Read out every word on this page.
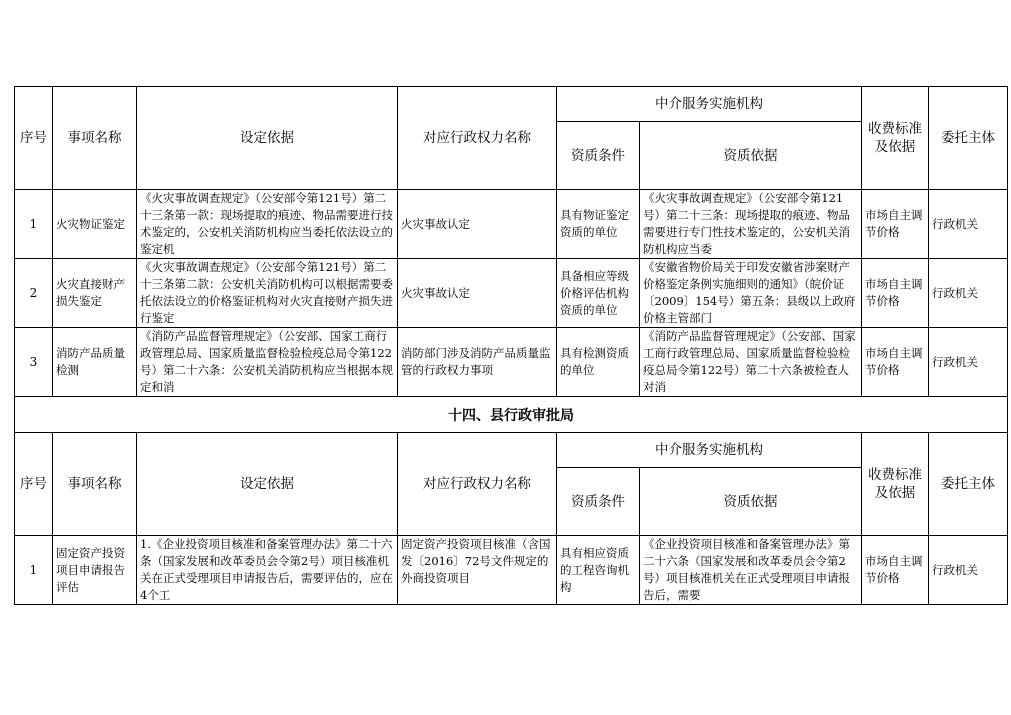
序号	事项名称	设定依据	对应行政权力名称	中介服务实施机构		收费标准及依据	委托主体
				资质条件	资质依据		
1	火灾物证鉴定	《火灾事故调查规定》（公安部令第121号）第二十三条第一款：现场提取的痕迹、物品需要进行技术鉴定的，公安机关消防机构应当委托依法设立的鉴定机	火灾事故认定	具有物证鉴定资质的单位	《火灾事故调查规定》（公安部令第121号）第二十三条：现场提取的痕迹、物品需要进行专门性技术鉴定的，公安机关消防机构应当委	市场自主调节价格	行政机关

2	火灾直接财产损失鉴定	《火灾事故调查规定》（公安部令第121号）第二十三条第二款：公安机关消防机构可以根据需要委托依法设立的价格鉴证机构对火灾直接财产损失进行鉴定	火灾事故认定	具备相应等级价格评估机构资质的单位	《安徽省物价局关于印发安徽省涉案财产价格鉴定条例实施细则的通知》（皖价证〔2009〕154号）第五条：县级以上政府价格主管部门	市场自主调节价格	行政机关

3	消防产品质量检测	《消防产品监督管理规定》（公安部、国家工商行政管理总局、国家质量监督检验检疫总局令第122号）第二十六条：公安机关消防机构应当根据本规定和消	消防部门涉及消防产品质量监管的行政权力事项	具有检测资质的单位	《消防产品监督管理规定》（公安部、国家工商行政管理总局、国家质量监督检验检疫总局令第122号）第二十六条被检查人对消	市场自主调节价格	行政机关

十四、县行政审批局							
序号	事项名称	设定依据	对应行政权力名称	中介服务实施机构		收费标准及依据	委托主体
				资质条件	资质依据		
1	固定资产投资项目申请报告评估	1.《企业投资项目核准和备案管理办法》第二十六条（国家发展和改革委员会令第2号）项目核准机关在正式受理项目申请报告后，需要评估的，应在4个工	固定资产投资项目核准（含国发〔2016〕72号文件规定的外商投资项目	具有相应资质的工程咨询机构	《企业投资项目核准和备案管理办法》第二十六条（国家发展和改革委员会令第2号）项目核准机关在正式受理项目申请报告后，需要	市场自主调节价格	行政机关
